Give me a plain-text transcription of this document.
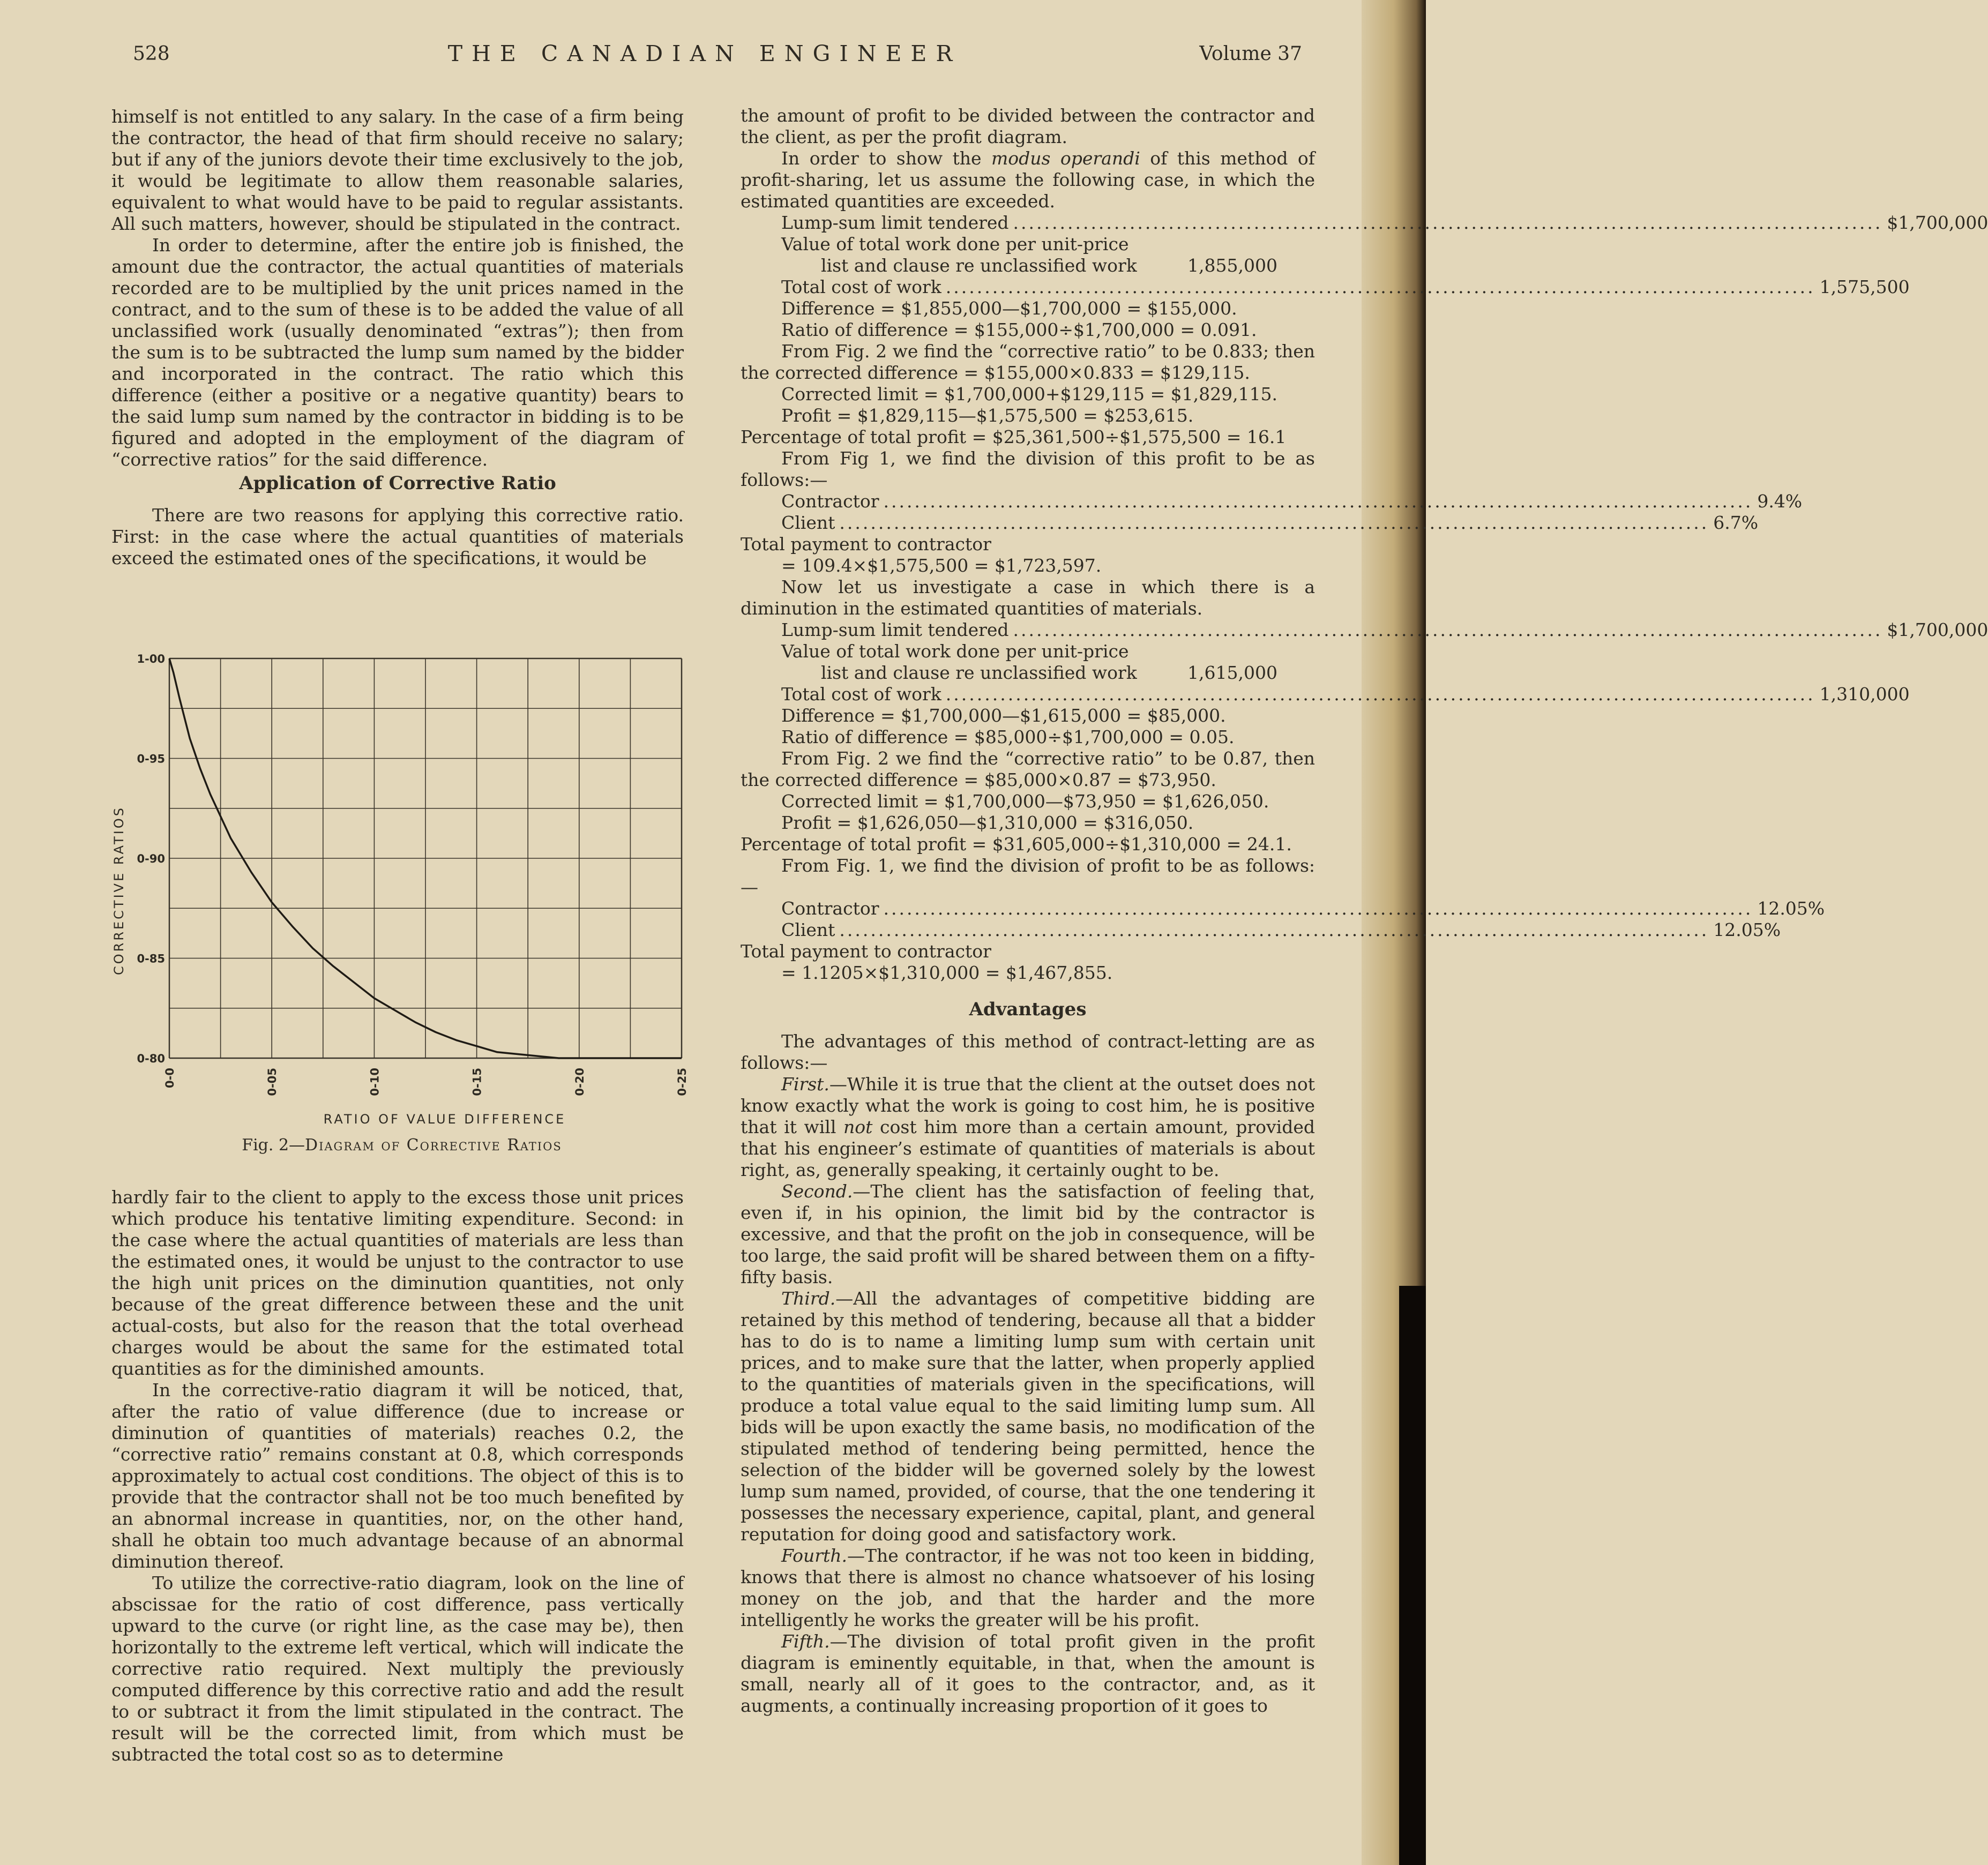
528	THE CANADIAN ENGINEER	Volume 37

himself is not entitled to any salary. In the case of a firm being the contractor, the head of that firm should receive no salary; but if any of the juniors devote their time exclusively to the job, it would be legitimate to allow them reasonable salaries, equivalent to what would have to be paid to regular assistants. All such matters, however, should be stipulated in the contract.

In order to determine, after the entire job is finished, the amount due the contractor, the actual quantities of materials recorded are to be multiplied by the unit prices named in the contract, and to the sum of these is to be added the value of all unclassified work (usually denominated “extras”); then from the sum is to be subtracted the lump sum named by the bidder and incorporated in the contract. The ratio which this difference (either a positive or a negative quantity) bears to the said lump sum named by the contractor in bidding is to be figured and adopted in the employment of the diagram of “corrective ratios” for the said difference.

Application of Corrective Ratio

There are two reasons for applying this corrective ratio. First: in the case where the actual quantities of materials exceed the estimated ones of the specifications, it would be

1-00
0-95
0-90
0-85
0-80
0-0	0-05	0-10	0-15	0-20	0-25
CORRECTIVE RATIOS
RATIO OF VALUE DIFFERENCE
Fig. 2—Diagram of Corrective Ratios

hardly fair to the client to apply to the excess those unit prices which produce his tentative limiting expenditure. Second: in the case where the actual quantities of materials are less than the estimated ones, it would be unjust to the contractor to use the high unit prices on the diminution quantities, not only because of the great difference between these and the unit actual-costs, but also for the reason that the total overhead charges would be about the same for the estimated total quantities as for the diminished amounts.

In the corrective-ratio diagram it will be noticed, that, after the ratio of value difference (due to increase or diminution of quantities of materials) reaches 0.2, the “corrective ratio” remains constant at 0.8, which corresponds approximately to actual cost conditions. The object of this is to provide that the contractor shall not be too much benefited by an abnormal increase in quantities, nor, on the other hand, shall he obtain too much advantage because of an abnormal diminution thereof.

To utilize the corrective-ratio diagram, look on the line of abscissae for the ratio of cost difference, pass vertically upward to the curve (or right line, as the case may be), then horizontally to the extreme left vertical, which will indicate the corrective ratio required. Next multiply the previously computed difference by this corrective ratio and add the result to or subtract it from the limit stipulated in the contract. The result will be the corrected limit, from which must be subtracted the total cost so as to determine

the amount of profit to be divided between the contractor and the client, as per the profit diagram.

In order to show the modus operandi of this method of profit-sharing, let us assume the following case, in which the estimated quantities are exceeded.

Lump-sum limit tendered .....	$1,700,000
Value of total work done per unit-price
list and clause re unclassified work	1,855,000
Total cost of work .....	1,575,500

Difference = $1,855,000—$1,700,000 = $155,000.

Ratio of difference = $155,000÷$1,700,000 = 0.091.

From Fig. 2 we find the “corrective ratio” to be 0.833; then the corrected difference = $155,000×0.833 = $129,115.

Corrected limit = $1,700,000+$129,115 = $1,829,115.

Profit = $1,829,115—$1,575,500 = $253,615.

Percentage of total profit = $25,361,500÷$1,575,500 = 16.1

From Fig 1, we find the division of this profit to be as follows:—

Contractor .....	9.4%
Client .....	6.7%

Total payment to contractor

= 109.4×$1,575,500 = $1,723,597.

Now let us investigate a case in which there is a diminution in the estimated quantities of materials.

Lump-sum limit tendered .....	$1,700,000
Value of total work done per unit-price
list and clause re unclassified work	1,615,000
Total cost of work .....	1,310,000

Difference = $1,700,000—$1,615,000 = $85,000.

Ratio of difference = $85,000÷$1,700,000 = 0.05.

From Fig. 2 we find the “corrective ratio” to be 0.87, then the corrected difference = $85,000×0.87 = $73,950.

Corrected limit = $1,700,000—$73,950 = $1,626,050.

Profit = $1,626,050—$1,310,000 = $316,050.

Percentage of total profit = $31,605,000÷$1,310,000 = 24.1.

From Fig. 1, we find the division of profit to be as follows:—

Contractor .....	12.05%
Client .....	12.05%

Total payment to contractor

= 1.1205×$1,310,000 = $1,467,855.

Advantages

The advantages of this method of contract-letting are as follows:—

First.—While it is true that the client at the outset does not know exactly what the work is going to cost him, he is positive that it will not cost him more than a certain amount, provided that his engineer’s estimate of quantities of materials is about right, as, generally speaking, it certainly ought to be.

Second.—The client has the satisfaction of feeling that, even if, in his opinion, the limit bid by the contractor is excessive, and that the profit on the job in consequence, will be too large, the said profit will be shared between them on a fifty-fifty basis.

Third.—All the advantages of competitive bidding are retained by this method of tendering, because all that a bidder has to do is to name a limiting lump sum with certain unit prices, and to make sure that the latter, when properly applied to the quantities of materials given in the specifications, will produce a total value equal to the said limiting lump sum. All bids will be upon exactly the same basis, no modification of the stipulated method of tendering being permitted, hence the selection of the bidder will be governed solely by the lowest lump sum named, provided, of course, that the one tendering it possesses the necessary experience, capital, plant, and general reputation for doing good and satisfactory work.

Fourth.—The contractor, if he was not too keen in bidding, knows that there is almost no chance whatsoever of his losing money on the job, and that the harder and the more intelligently he works the greater will be his profit.

Fifth.—The division of total profit given in the profit diagram is eminently equitable, in that, when the amount is small, nearly all of it goes to the contractor, and, as it augments, a continually increasing proportion of it goes to
